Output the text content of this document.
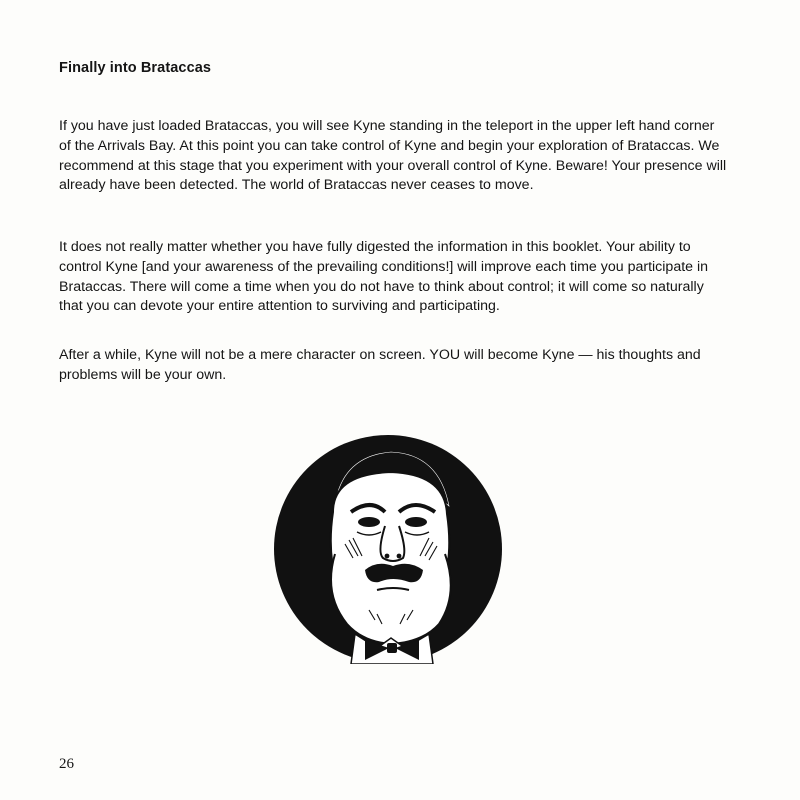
Finally into Brataccas

If you have just loaded Brataccas, you will see Kyne standing in the teleport in the upper left hand corner of the Arrivals Bay. At this point you can take control of Kyne and begin your exploration of Brataccas. We recommend at this stage that you experiment with your overall control of Kyne. Beware! Your presence will already have been detected. The world of Brataccas never ceases to move.

It does not really matter whether you have fully digested the information in this booklet. Your ability to control Kyne [and your awareness of the prevailing conditions!] will improve each time you participate in Brataccas. There will come a time when you do not have to think about control; it will come so naturally that you can devote your entire attention to surviving and participating.

After a while, Kyne will not be a mere character on screen. YOU will become Kyne — his thoughts and problems will be your own.

26
